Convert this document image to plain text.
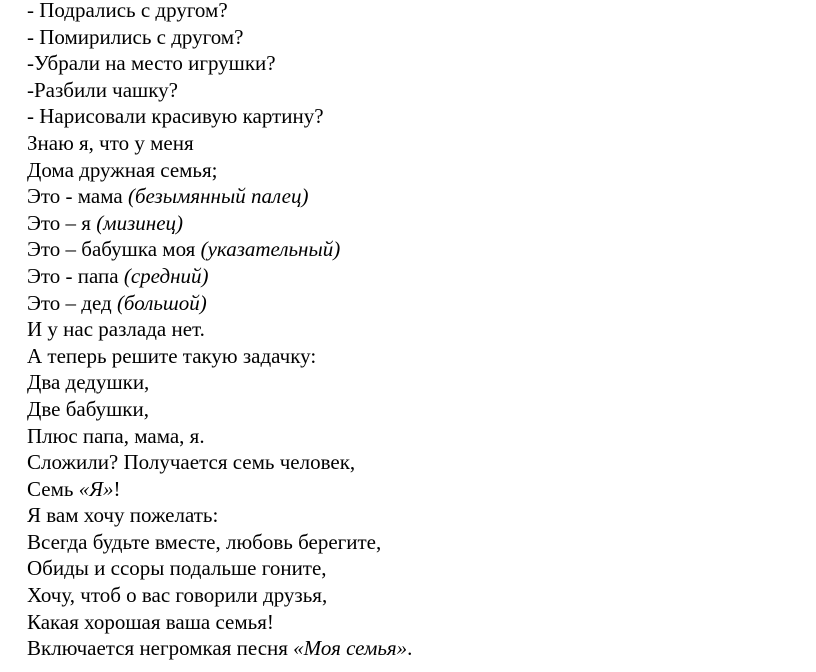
- Подрались с другом?
- Помирились с другом?
-Убрали на место игрушки?
-Разбили чашку?
- Нарисовали красивую картину?
Знаю я, что у меня
Дома дружная семья;
Это - мама (безымянный палец)
Это – я (мизинец)
Это – бабушка моя (указательный)
Это - папа (средний)
Это – дед (большой)
И у нас разлада нет.
А теперь решите такую задачку:
Два дедушки,
Две бабушки,
Плюс папа, мама, я.
Сложили? Получается семь человек,
Семь «Я»!
Я вам хочу пожелать:
Всегда будьте вместе, любовь берегите,
Обиды и ссоры подальше гоните,
Хочу, чтоб о вас говорили друзья,
Какая хорошая ваша семья!
Включается негромкая песня «Моя семья».
